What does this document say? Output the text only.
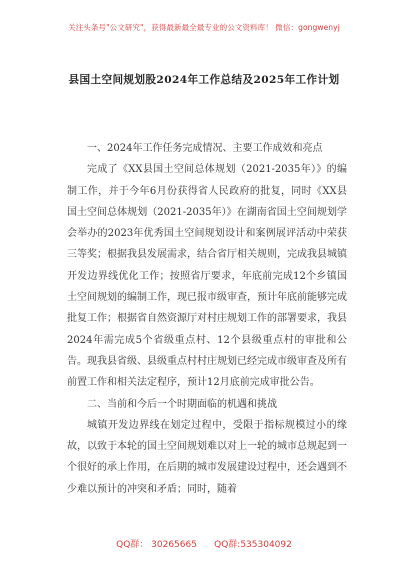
关注头条号"公文研究"，获得最新最全最专业的公文资料库！ 微信：gongwenyj
县国土空间规划股2024年工作总结及2025年工作计划

一、2024年工作任务完成情况、主要工作成效和亮点

完成了《XX县国土空间总体规划（2021-2035年）》的编制工作，并于今年6月份获得省人民政府的批复，同时《XX县国土空间总体规划（2021-2035年）》在湖南省国土空间规划学会举办的2023年优秀国土空间规划设计和案例展评活动中荣获三等奖；根据我县发展需求，结合省厅相关规则，完成我县城镇开发边界线优化工作；按照省厅要求，年底前完成12个乡镇国土空间规划的编制工作，现已报市级审查，预计年底前能够完成批复工作；根据省自然资源厅对村庄规划工作的部署要求，我县2024年需完成5个省级重点村、12个县级重点村的审批和公告。现我县省级、县级重点村村庄规划已经完成市级审查及所有前置工作和相关法定程序，预计12月底前完成审批公告。

二、当前和今后一个时期面临的机遇和挑战

城镇开发边界线在划定过程中，受限于指标规模过小的缘故，以致于本轮的国土空间规划难以对上一轮的城市总规起到一个很好的承上作用，在后期的城市发展建设过程中，还会遇到不少难以预计的冲突和矛盾；同时，随着

QQ群： 30265665      QQ群:535304092
